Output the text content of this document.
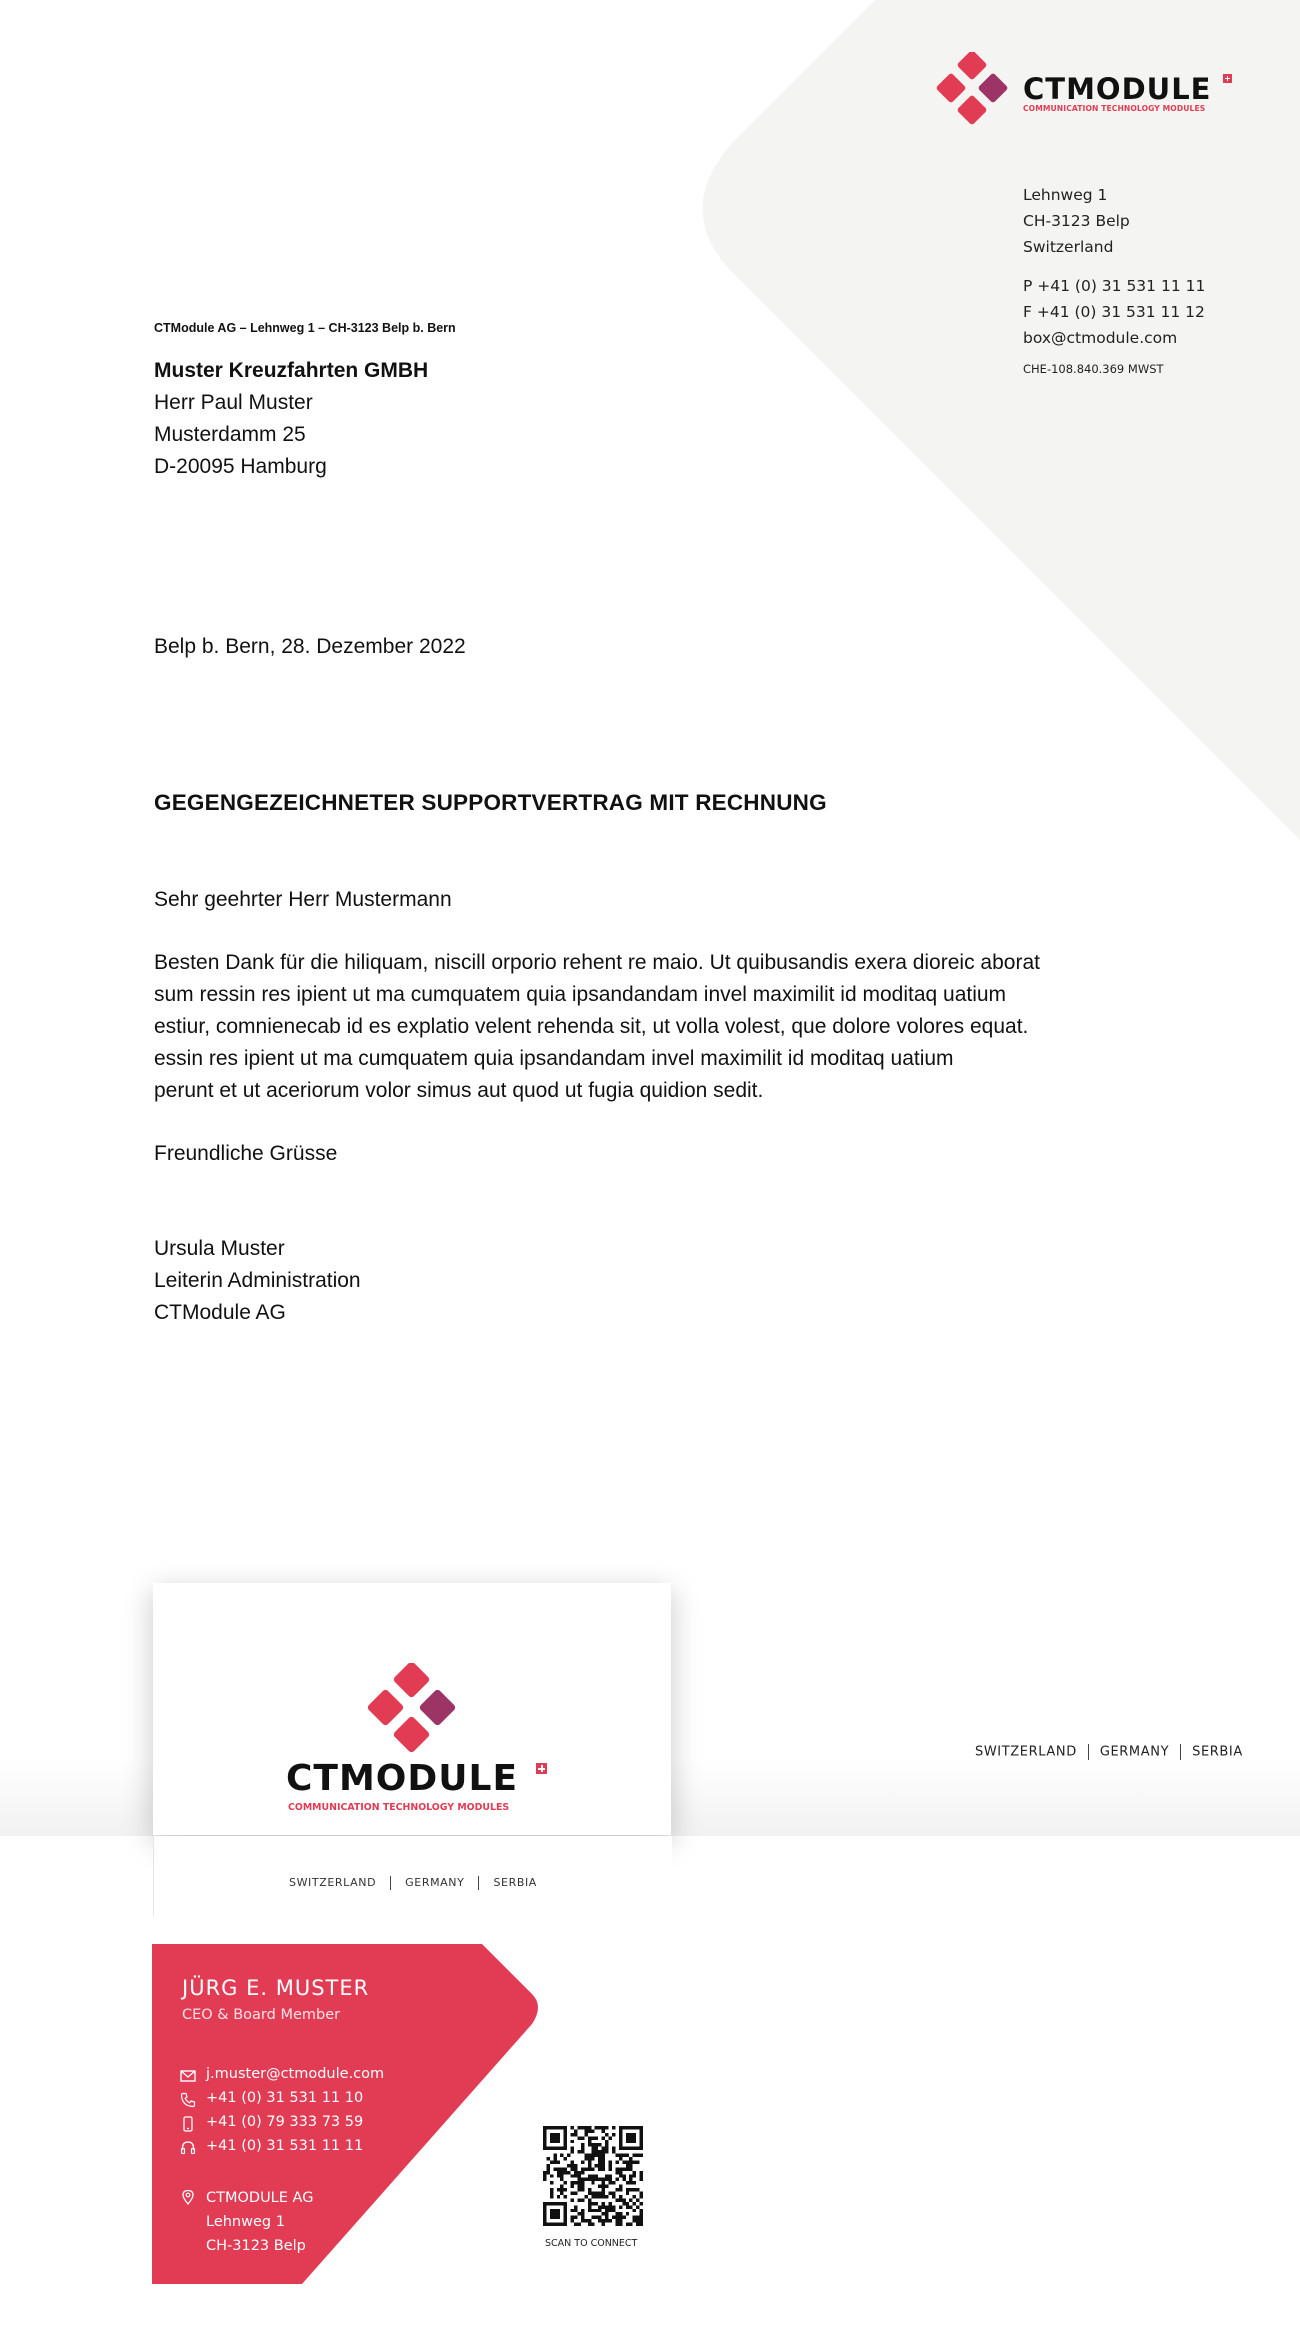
CTMODULE
COMMUNICATION TECHNOLOGY MODULES
Lehnweg 1
CH-3123 Belp
Switzerland
P +41 (0) 31 531 11 11
F +41 (0) 31 531 11 12
box@ctmodule.com
CHE-108.840.369 MWST
CTModule AG – Lehnweg 1 – CH-3123 Belp b. Bern
Muster Kreuzfahrten GMBH
Herr Paul Muster
Musterdamm 25
D-20095 Hamburg
Belp b. Bern, 28. Dezember 2022
GEGENGEZEICHNETER SUPPORTVERTRAG MIT RECHNUNG
Sehr geehrter Herr Mustermann
Besten Dank für die hiliquam, niscill orporio rehent re maio. Ut quibusandis exera dioreic aborat
sum ressin res ipient ut ma cumquatem quia ipsandandam invel maximilit id moditaq uatium
estiur, comnienecab id es explatio velent rehenda sit, ut volla volest, que dolore volores equat.
essin res ipient ut ma cumquatem quia ipsandandam invel maximilit id moditaq uatium
perunt et ut aceriorum volor simus aut quod ut fugia quidion sedit.
Freundliche Grüsse
Ursula Muster
Leiterin Administration
CTModule AG
SWITZERLAND GERMANY SERBIA
CTMODULE
COMMUNICATION TECHNOLOGY MODULES
SWITZERLAND	GERMANY	SERBIA
JÜRG E. MUSTER
CEO & Board Member
j.muster@ctmodule.com
+41 (0) 31 531 11 10
+41 (0) 79 333 73 59
+41 (0) 31 531 11 11
CTMODULE AG
Lehnweg 1
CH-3123 Belp	SCAN TO CONNECT
